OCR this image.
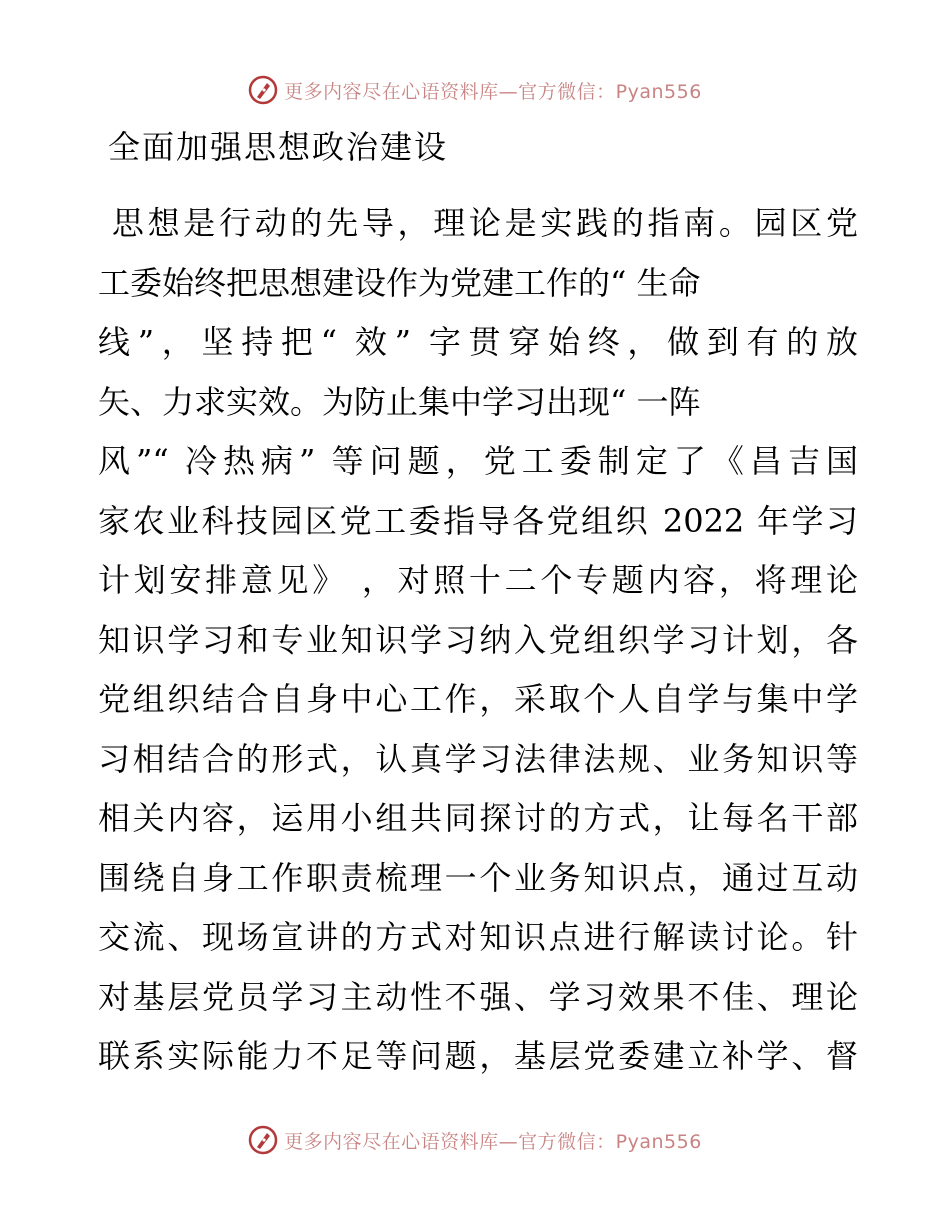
更多内容尽在心语资料库—官方微信：Pyan556
全面加强思想政治建设
思想是行动的先导，理论是实践的指南。园区党
工委始终把思想建设作为党建工作的“ 生命
线”，坚持把“ 效” 字贯穿始终，做到有的放
矢、力求实效。为防止集中学习出现“ 一阵
风”“ 冷热病” 等问题，党工委制定了《昌吉国
家农业科技园区党工委指导各党组织 2022 年学习
计划安排意见》 ，对照十二个专题内容，将理论
知识学习和专业知识学习纳入党组织学习计划，各
党组织结合自身中心工作，采取个人自学与集中学
习相结合的形式，认真学习法律法规、业务知识等
相关内容，运用小组共同探讨的方式，让每名干部
围绕自身工作职责梳理一个业务知识点，通过互动
交流、现场宣讲的方式对知识点进行解读讨论。针
对基层党员学习主动性不强、学习效果不佳、理论
联系实际能力不足等问题，基层党委建立补学、督
更多内容尽在心语资料库—官方微信：Pyan556
